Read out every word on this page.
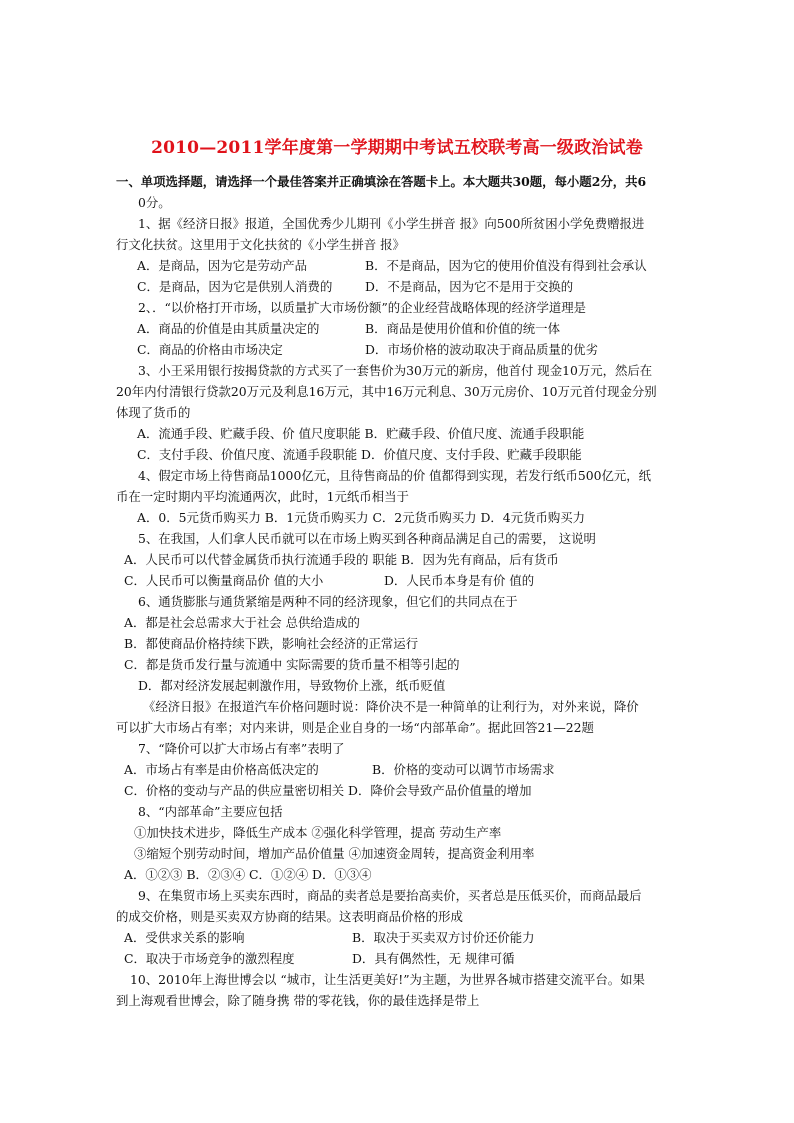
2010—2011学年度第一学期期中考试五校联考高一级政治试卷
一、单项选择题，请选择一个最佳答案并正确填涂在答题卡上。本大题共30题，每小题2分，共6
0分。
1、据《经济日报》报道，全国优秀少儿期刊《小学生拼音 报》向500所贫困小学免费赠报进
行文化扶贫。这里用于文化扶贫的《小学生拼音 报》
A．是商品，因为它是劳动产品	B．不是商品，因为它的使用价值没有得到社会承认
C．是商品，因为它是供别人消费的	D．不是商品，因为它不是用于交换的
2、．“以价格打开市场，以质量扩大市场份额”的企业经营战略体现的经济学道理是
A．商品的价值是由其质量决定的	B．商品是使用价值和价值的统一体
C．商品的价格由市场决定	D．市场价格的波动取决于商品质量的优劣
3、小王采用银行按揭贷款的方式买了一套售价为30万元的新房，他首付 现金10万元，然后在
20年内付清银行贷款20万元及利息16万元，其中16万元利息、30万元房价、10万元首付现金分别
体现了货币的
A．流通手段、贮藏手段、价 值尺度职能 B．贮藏手段、价值尺度、流通手段职能
C．支付手段、价值尺度、流通手段职能 D．价值尺度、支付手段、贮藏手段职能
4、假定市场上待售商品1000亿元，且待售商品的价 值都得到实现，若发行纸币500亿元，纸
币在一定时期内平均流通两次，此时，1元纸币相当于
A．0．5元货币购买力 B．1元货币购买力 C．2元货币购买力 D．4元货币购买力
5、在我国，人们拿人民币就可以在市场上购买到各种商品满足自己的需要， 这说明
A．人民币可以代替金属货币执行流通手段的 职能 B．因为先有商品，后有货币
C．人民币可以衡量商品价 值的大小	D．人民币本身是有价 值的
6、通货膨胀与通货紧缩是两种不同的经济现象，但它们的共同点在于
A．都是社会总需求大于社会 总供给造成的
B．都使商品价格持续下跌，影响社会经济的正常运行
C．都是货币发行量与流通中 实际需要的货币量不相等引起的
D．都对经济发展起刺激作用，导致物价上涨，纸币贬值
《经济日报》在报道汽车价格问题时说：降价决不是一种简单的让利行为，对外来说，降价
可以扩大市场占有率；对内来讲，则是企业自身的一场“内部革命”。据此回答21—22题
7、“降价可以扩大市场占有率”表明了
A．市场占有率是由价格高低决定的	B．价格的变动可以调节市场需求
C．价格的变动与产品的供应量密切相关 D．降价会导致产品价值量的增加
8、“内部革命”主要应包括
①加快技术进步，降低生产成本 ②强化科学管理，提高 劳动生产率
③缩短个别劳动时间，增加产品价值量 ④加速资金周转，提高资金利用率
A．①②③ B．②③④ C．①②④ D．①③④
9、在集贸市场上买卖东西时，商品的卖者总是要抬高卖价，买者总是压低买价，而商品最后
的成交价格，则是买卖双方协商的结果。这表明商品价格的形成
A．受供求关系的影响	B．取决于买卖双方讨价还价能力
C．取决于市场竞争的激烈程度	D．具有偶然性，无 规律可循
10、2010年上海世博会以 “城市，让生活更美好!”为主题，为世界各城市搭建交流平台。如果
到上海观看世博会，除了随身携 带的零花钱，你的最佳选择是带上
